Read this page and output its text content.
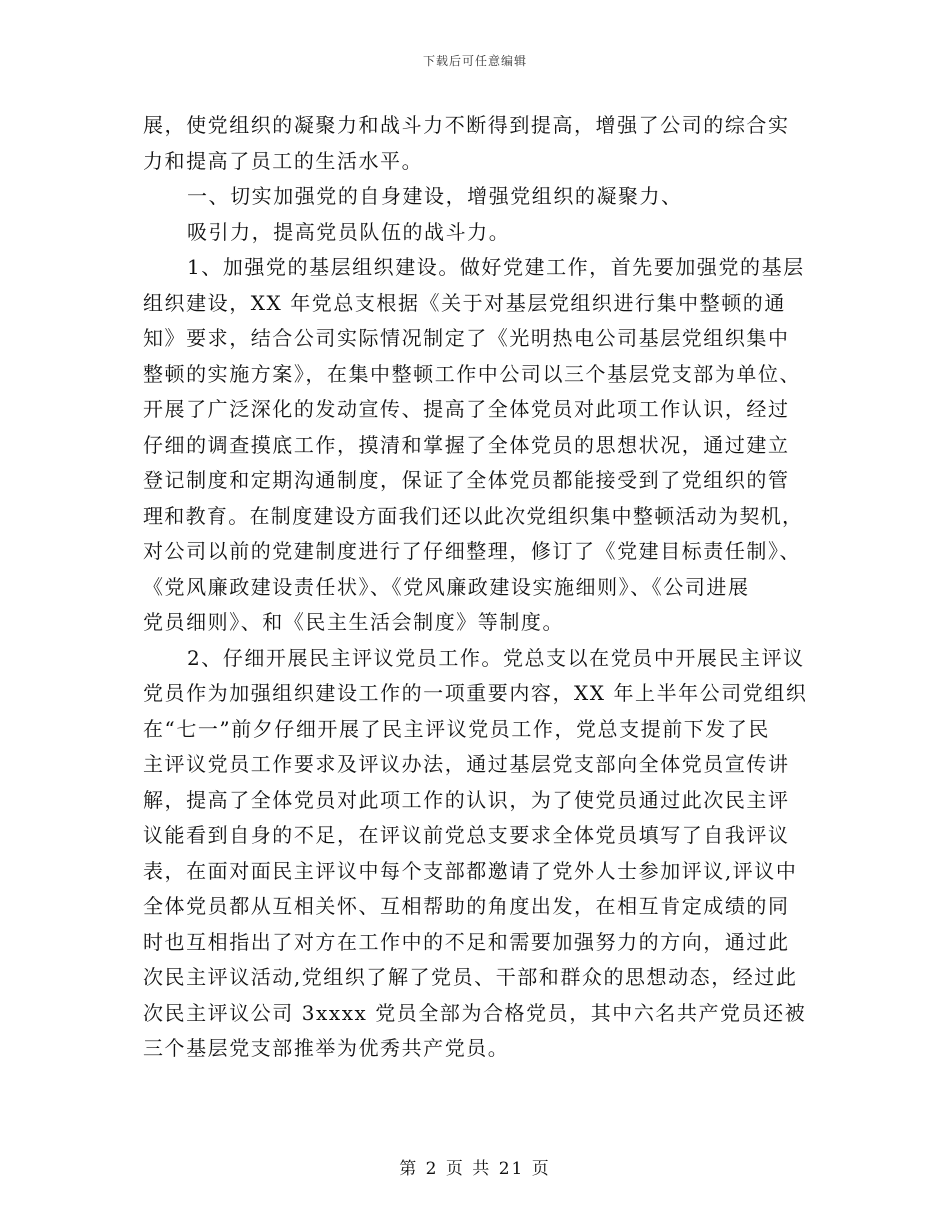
下载后可任意编辑
展，使党组织的凝聚力和战斗力不断得到提高，增强了公司的综合实
力和提高了员工的生活水平。
一、切实加强党的自身建设，增强党组织的凝聚力、
吸引力，提高党员队伍的战斗力。
1、加强党的基层组织建设。做好党建工作，首先要加强党的基层
组织建设，XX 年党总支根据《关于对基层党组织进行集中整顿的通
知》要求，结合公司实际情况制定了《光明热电公司基层党组织集中
整顿的实施方案》，在集中整顿工作中公司以三个基层党支部为单位、
开展了广泛深化的发动宣传、提高了全体党员对此项工作认识，经过
仔细的调查摸底工作，摸清和掌握了全体党员的思想状况，通过建立
登记制度和定期沟通制度，保证了全体党员都能接受到了党组织的管
理和教育。在制度建设方面我们还以此次党组织集中整顿活动为契机，
对公司以前的党建制度进行了仔细整理，修订了《党建目标责任制》、
《党风廉政建设责任状》、《党风廉政建设实施细则》、《公司进展
党员细则》、和《民主生活会制度》等制度。
2、仔细开展民主评议党员工作。党总支以在党员中开展民主评议
党员作为加强组织建设工作的一项重要内容，XX 年上半年公司党组织
在“七一”前夕仔细开展了民主评议党员工作，党总支提前下发了民
主评议党员工作要求及评议办法，通过基层党支部向全体党员宣传讲
解，提高了全体党员对此项工作的认识，为了使党员通过此次民主评
议能看到自身的不足，在评议前党总支要求全体党员填写了自我评议
表，在面对面民主评议中每个支部都邀请了党外人士参加评议,评议中
全体党员都从互相关怀、互相帮助的角度出发，在相互肯定成绩的同
时也互相指出了对方在工作中的不足和需要加强努力的方向，通过此
次民主评议活动,党组织了解了党员、干部和群众的思想动态，经过此
次民主评议公司 3xxxx 党员全部为合格党员，其中六名共产党员还被
三个基层党支部推举为优秀共产党员。
第 2 页 共 21 页
